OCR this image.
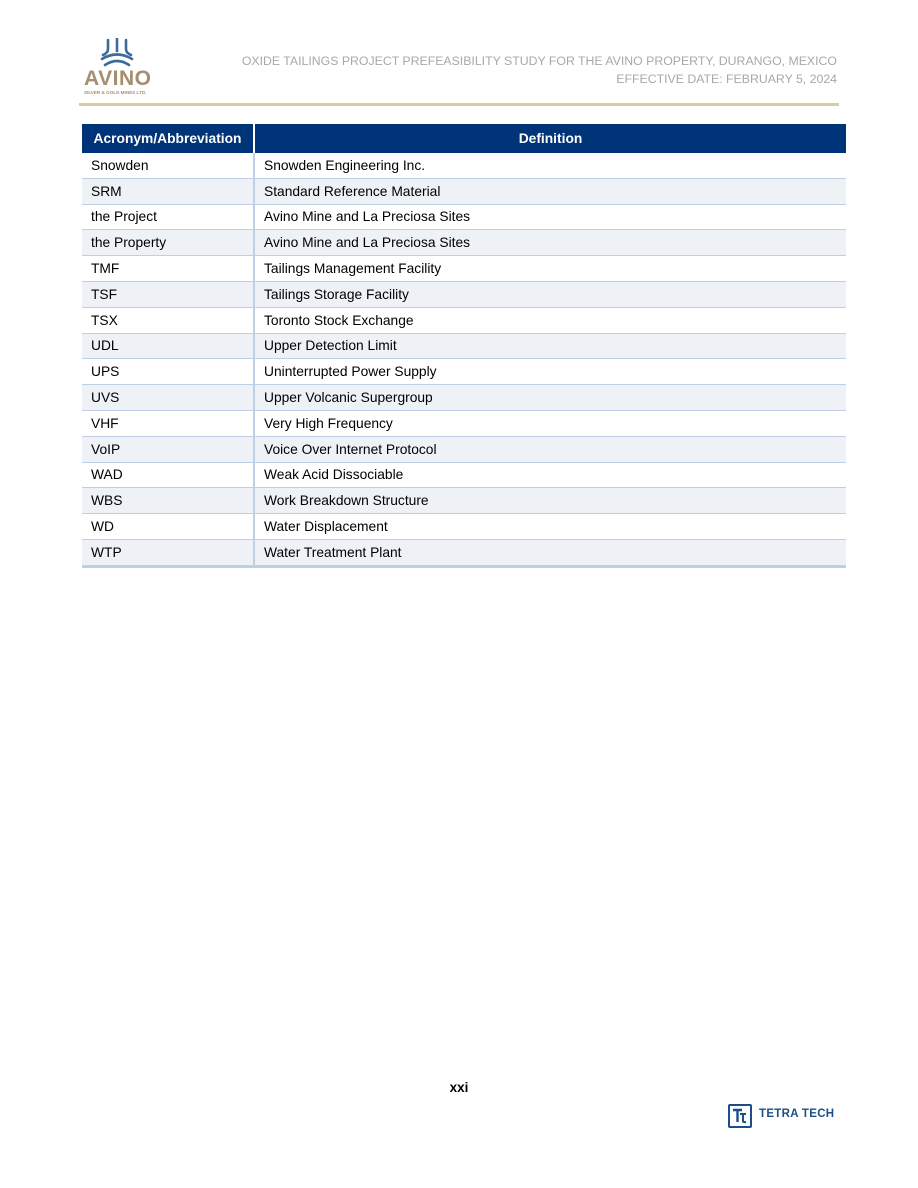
AVINO
SILVER & GOLD MINES LTD.
OXIDE TAILINGS PROJECT PREFEASIBILITY STUDY FOR THE AVINO PROPERTY, DURANGO, MEXICO
EFFECTIVE DATE: FEBRUARY 5, 2024
Acronym/Abbreviation	Definition
Snowden	Snowden Engineering Inc.
SRM	Standard Reference Material
the Project	Avino Mine and La Preciosa Sites
the Property	Avino Mine and La Preciosa Sites
TMF	Tailings Management Facility
TSF	Tailings Storage Facility
TSX	Toronto Stock Exchange
UDL	Upper Detection Limit
UPS	Uninterrupted Power Supply
UVS	Upper Volcanic Supergroup
VHF	Very High Frequency
VoIP	Voice Over Internet Protocol
WAD	Weak Acid Dissociable
WBS	Work Breakdown Structure
WD	Water Displacement
WTP	Water Treatment Plant
xxi
TETRA TECH
